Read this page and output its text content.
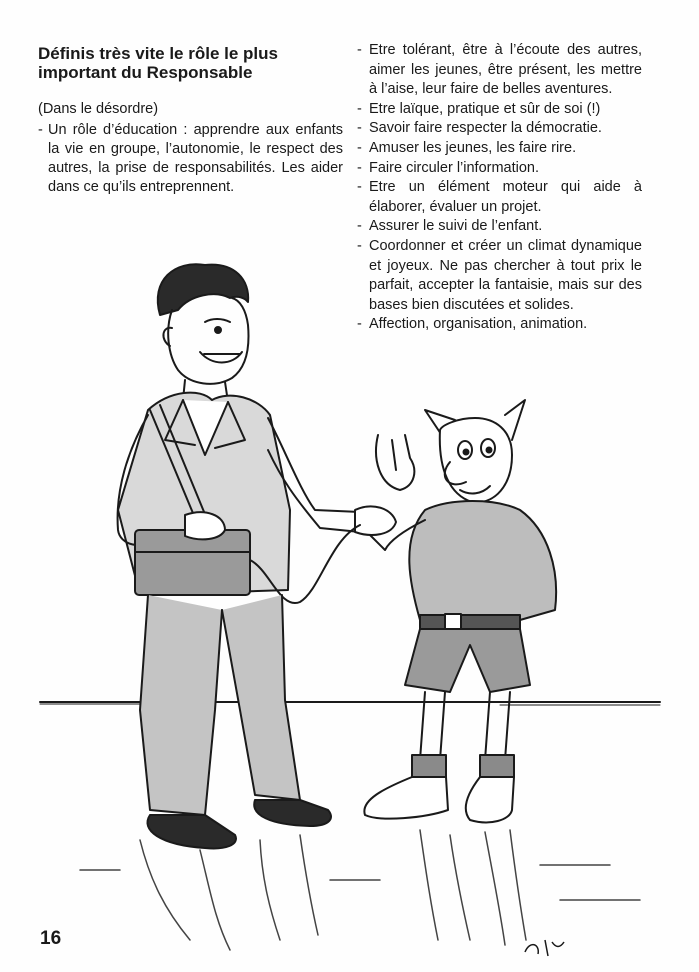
Définis très vite le rôle le plus important du Responsable

(Dans le désordre)

- Un rôle d’éducation : apprendre aux enfants la vie en groupe, l’autonomie, le respect des autres, la prise de responsabilités. Les aider dans ce qu’ils entreprennent.
- Etre tolérant, être à l’écoute des autres, aimer les jeunes, être présent, les mettre à l’aise, leur faire de belles aventures.
- Etre laïque, pratique et sûr de soi (!)
- Savoir faire respecter la démocratie.
- Amuser les jeunes, les faire rire.
- Faire circuler l’information.
- Etre un élément moteur qui aide à élaborer, évaluer un projet.
- Assurer le suivi de l’enfant.
- Coordonner et créer un climat dynamique et joyeux. Ne pas chercher à tout prix le parfait, accepter la fantaisie, mais sur des bases bien discutées et solides.
- Affection, organisation, animation.
16
